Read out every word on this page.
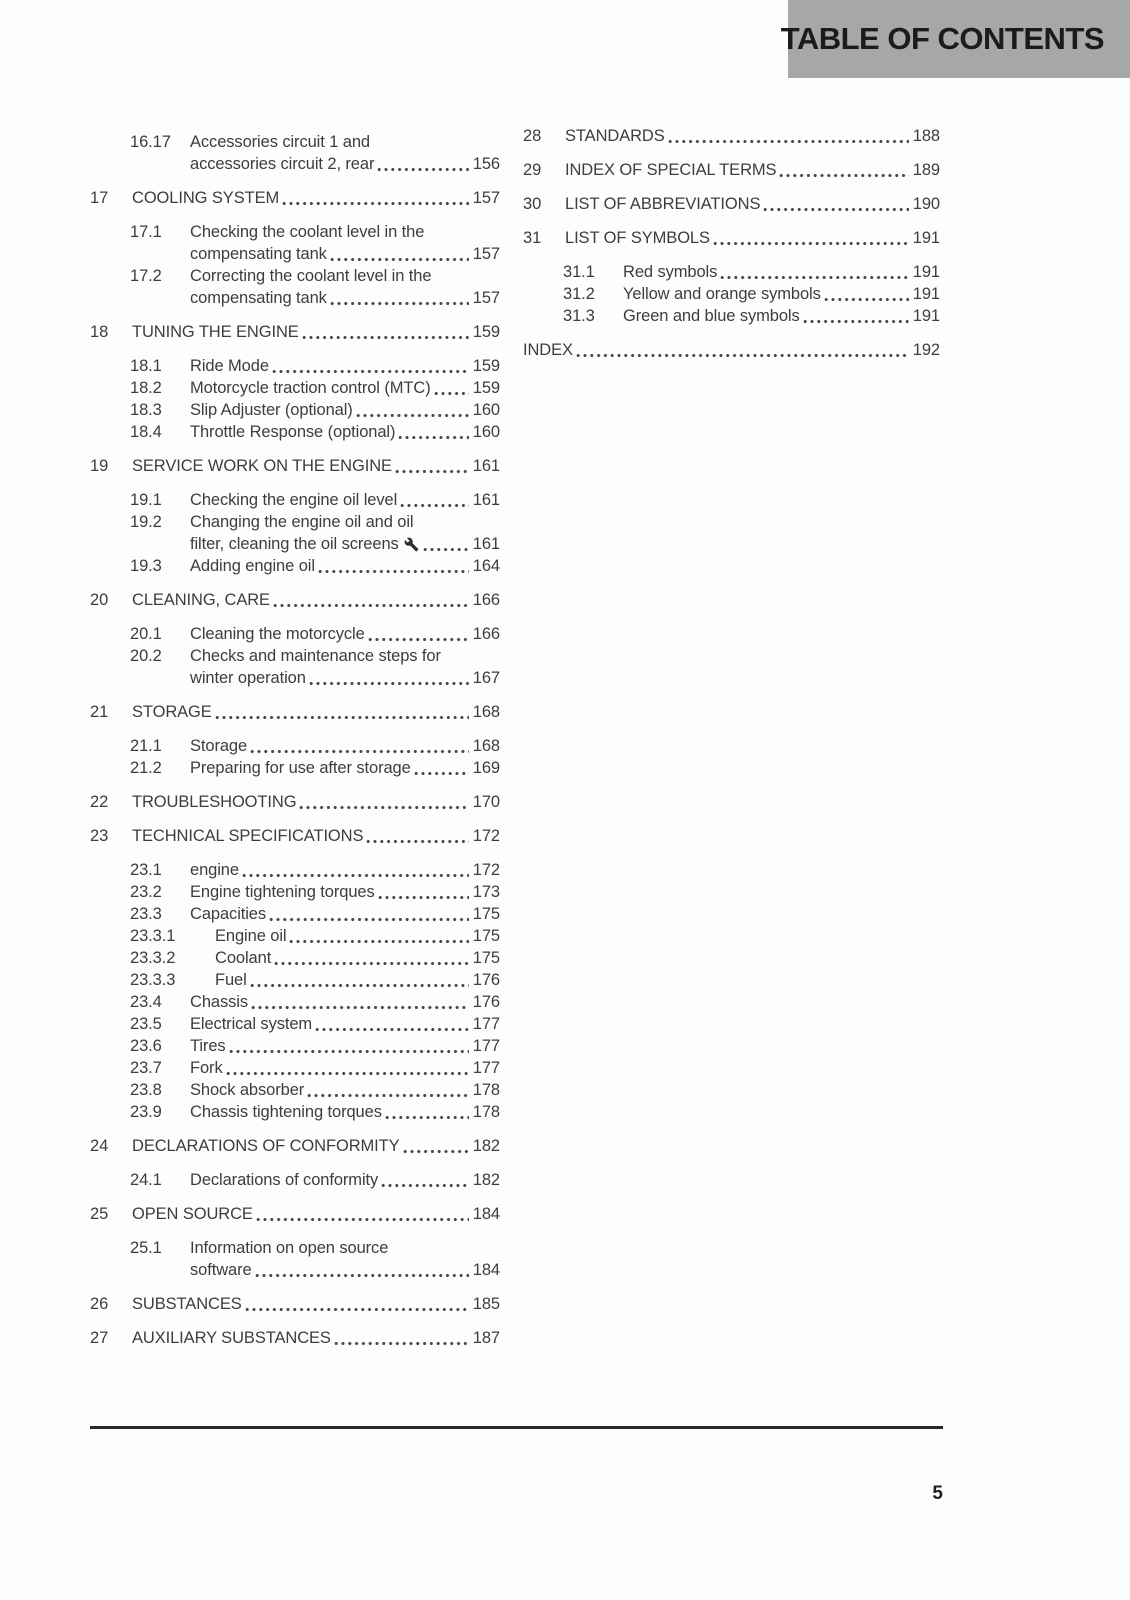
TABLE OF CONTENTS
16.17 Accessories circuit 1 and
accessories circuit 2, rear	156
17 COOLING SYSTEM	157
17.1 Checking the coolant level in the
compensating tank	157
17.2 Correcting the coolant level in the
compensating tank	157
18 TUNING THE ENGINE	159
18.1 Ride Mode	159
18.2 Motorcycle traction control (MTC)	159
18.3 Slip Adjuster (optional)	160
18.4 Throttle Response (optional)	160
19 SERVICE WORK ON THE ENGINE	161
19.1 Checking the engine oil level	161
19.2 Changing the engine oil and oil
filter, cleaning the oil screens	161
19.3 Adding engine oil	164
20 CLEANING, CARE	166
20.1 Cleaning the motorcycle	166
20.2 Checks and maintenance steps for
winter operation	167
21 STORAGE	168
21.1 Storage	168
21.2 Preparing for use after storage	169
22 TROUBLESHOOTING	170
23 TECHNICAL SPECIFICATIONS	172
23.1 engine	172
23.2 Engine tightening torques	173
23.3 Capacities	175
23.3.1 Engine oil	175
23.3.2 Coolant	175
23.3.3 Fuel	176
23.4 Chassis	176
23.5 Electrical system	177
23.6 Tires	177
23.7 Fork	177
23.8 Shock absorber	178
23.9 Chassis tightening torques	178
24 DECLARATIONS OF CONFORMITY	182
24.1 Declarations of conformity	182
25 OPEN SOURCE	184
25.1 Information on open source
software	184
26 SUBSTANCES	185
27 AUXILIARY SUBSTANCES	187
28 STANDARDS	188
29 INDEX OF SPECIAL TERMS	189
30 LIST OF ABBREVIATIONS	190
31 LIST OF SYMBOLS	191
31.1 Red symbols	191
31.2 Yellow and orange symbols	191
31.3 Green and blue symbols	191
INDEX	192
5
